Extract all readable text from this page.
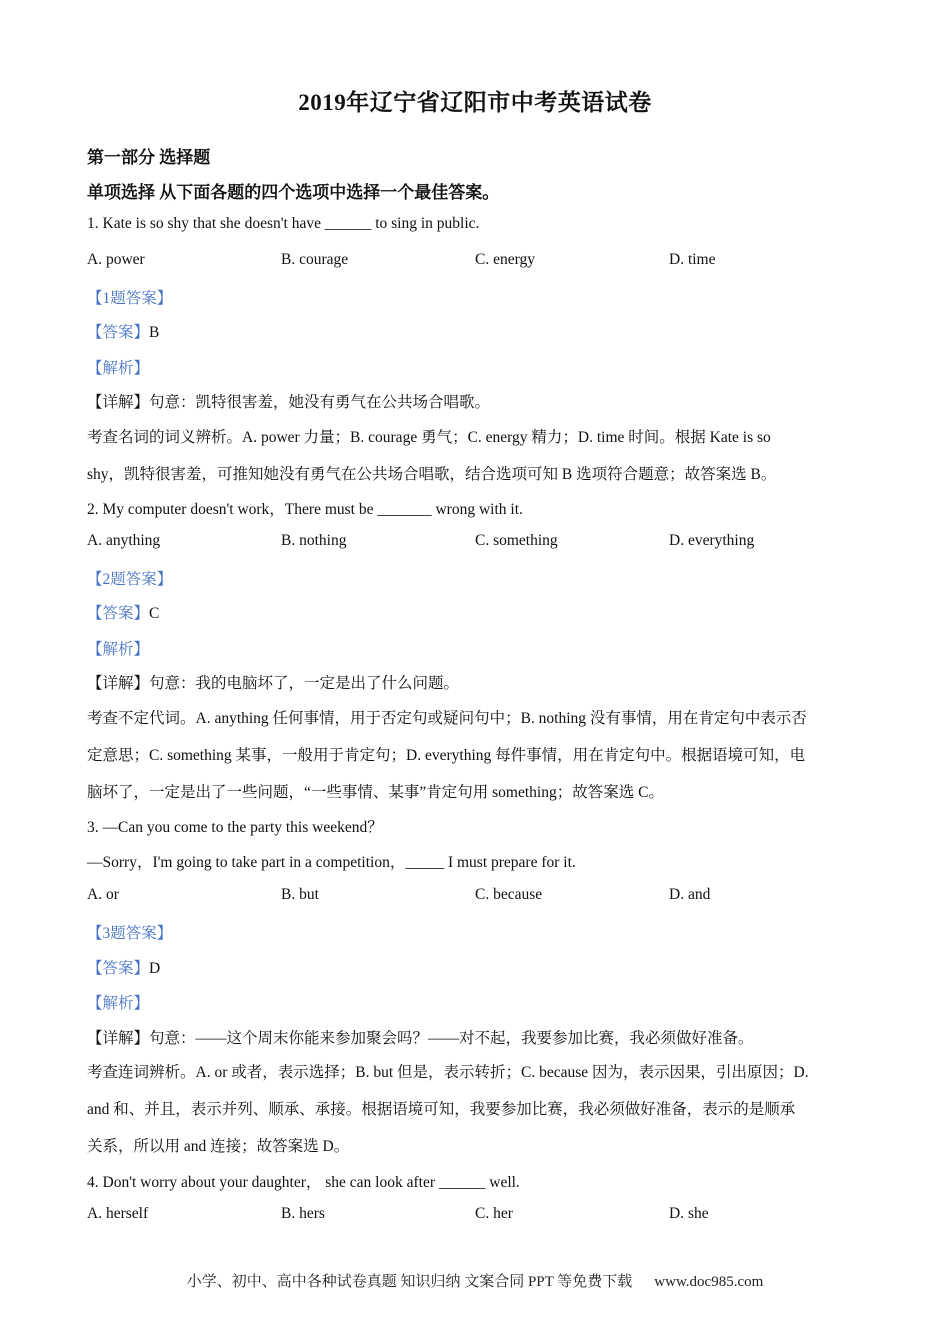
2019年辽宁省辽阳市中考英语试卷
第一部分 选择题
单项选择 从下面各题的四个选项中选择一个最佳答案。
1. Kate is so shy that she doesn't have ______ to sing in public.
A. power	B. courage	C. energy	D. time
【1题答案】
【答案】B
【解析】
【详解】句意：凯特很害羞，她没有勇气在公共场合唱歌。
考查名词的词义辨析。A. power 力量；B. courage 勇气；C. energy 精力；D. time 时间。根据 Kate is so
shy，凯特很害羞，可推知她没有勇气在公共场合唱歌，结合选项可知 B 选项符合题意；故答案选 B。
2. My computer doesn't work，There must be _______ wrong with it.
A. anything	B. nothing	C. something	D. everything
【2题答案】
【答案】C
【解析】
【详解】句意：我的电脑坏了，一定是出了什么问题。
考查不定代词。A. anything 任何事情，用于否定句或疑问句中；B. nothing 没有事情，用在肯定句中表示否
定意思；C. something 某事，一般用于肯定句；D. everything 每件事情，用在肯定句中。根据语境可知，电
脑坏了，一定是出了一些问题，“一些事情、某事”肯定句用 something；故答案选 C。
3. —Can you come to the party this weekend？
—Sorry，I'm going to take part in a competition，_____ I must prepare for it.
A. or	B. but	C. because	D. and
【3题答案】
【答案】D
【解析】
【详解】句意：——这个周末你能来参加聚会吗？——对不起，我要参加比赛，我必须做好准备。
考查连词辨析。A. or 或者，表示选择；B. but 但是，表示转折；C. because 因为，表示因果，引出原因；D.
and 和、并且，表示并列、顺承、承接。根据语境可知，我要参加比赛，我必须做好准备，表示的是顺承
关系，所以用 and 连接；故答案选 D。
4. Don't worry about your daughter， she can look after ______ well.
A. herself	B. hers	C. her	D. she
小学、初中、高中各种试卷真题 知识归纳 文案合同 PPT 等免费下载 www.doc985.com
